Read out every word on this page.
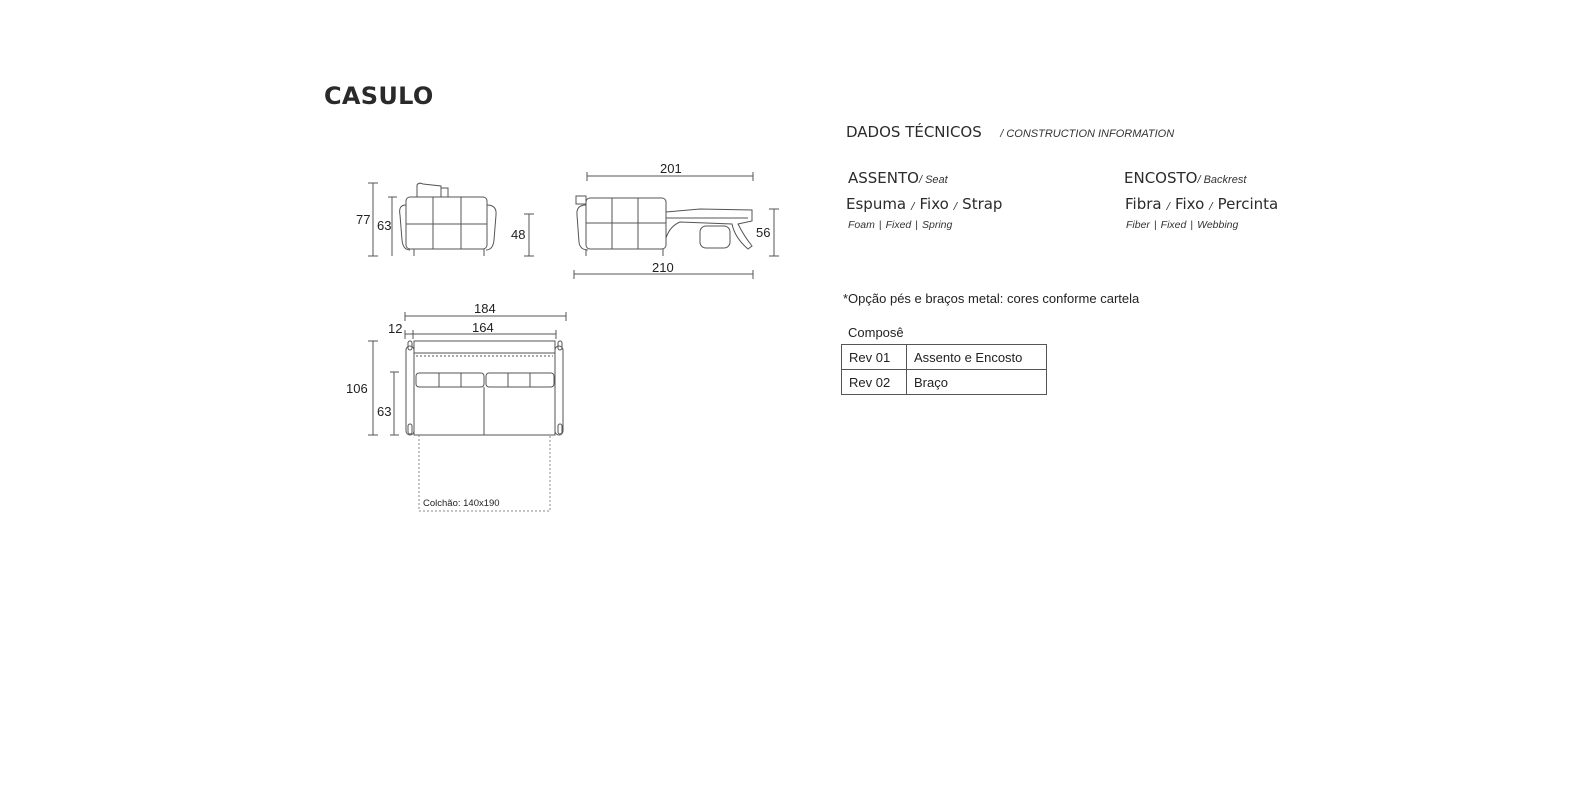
CASULO
77 63
48
201
210
56
184
164
12
106
63
Colchão: 140x190
DADOS TÉCNICOS / CONSTRUCTION INFORMATION
ASSENTO/ Seat
Espuma / Fixo / Strap
Foam | Fixed | Spring
ENCOSTO/ Backrest
Fibra / Fixo / Percinta
Fiber | Fixed | Webbing
*Opção pés e braços metal: cores conforme cartela
Composê
Rev 01	Assento e Encosto
Rev 02	Braço
